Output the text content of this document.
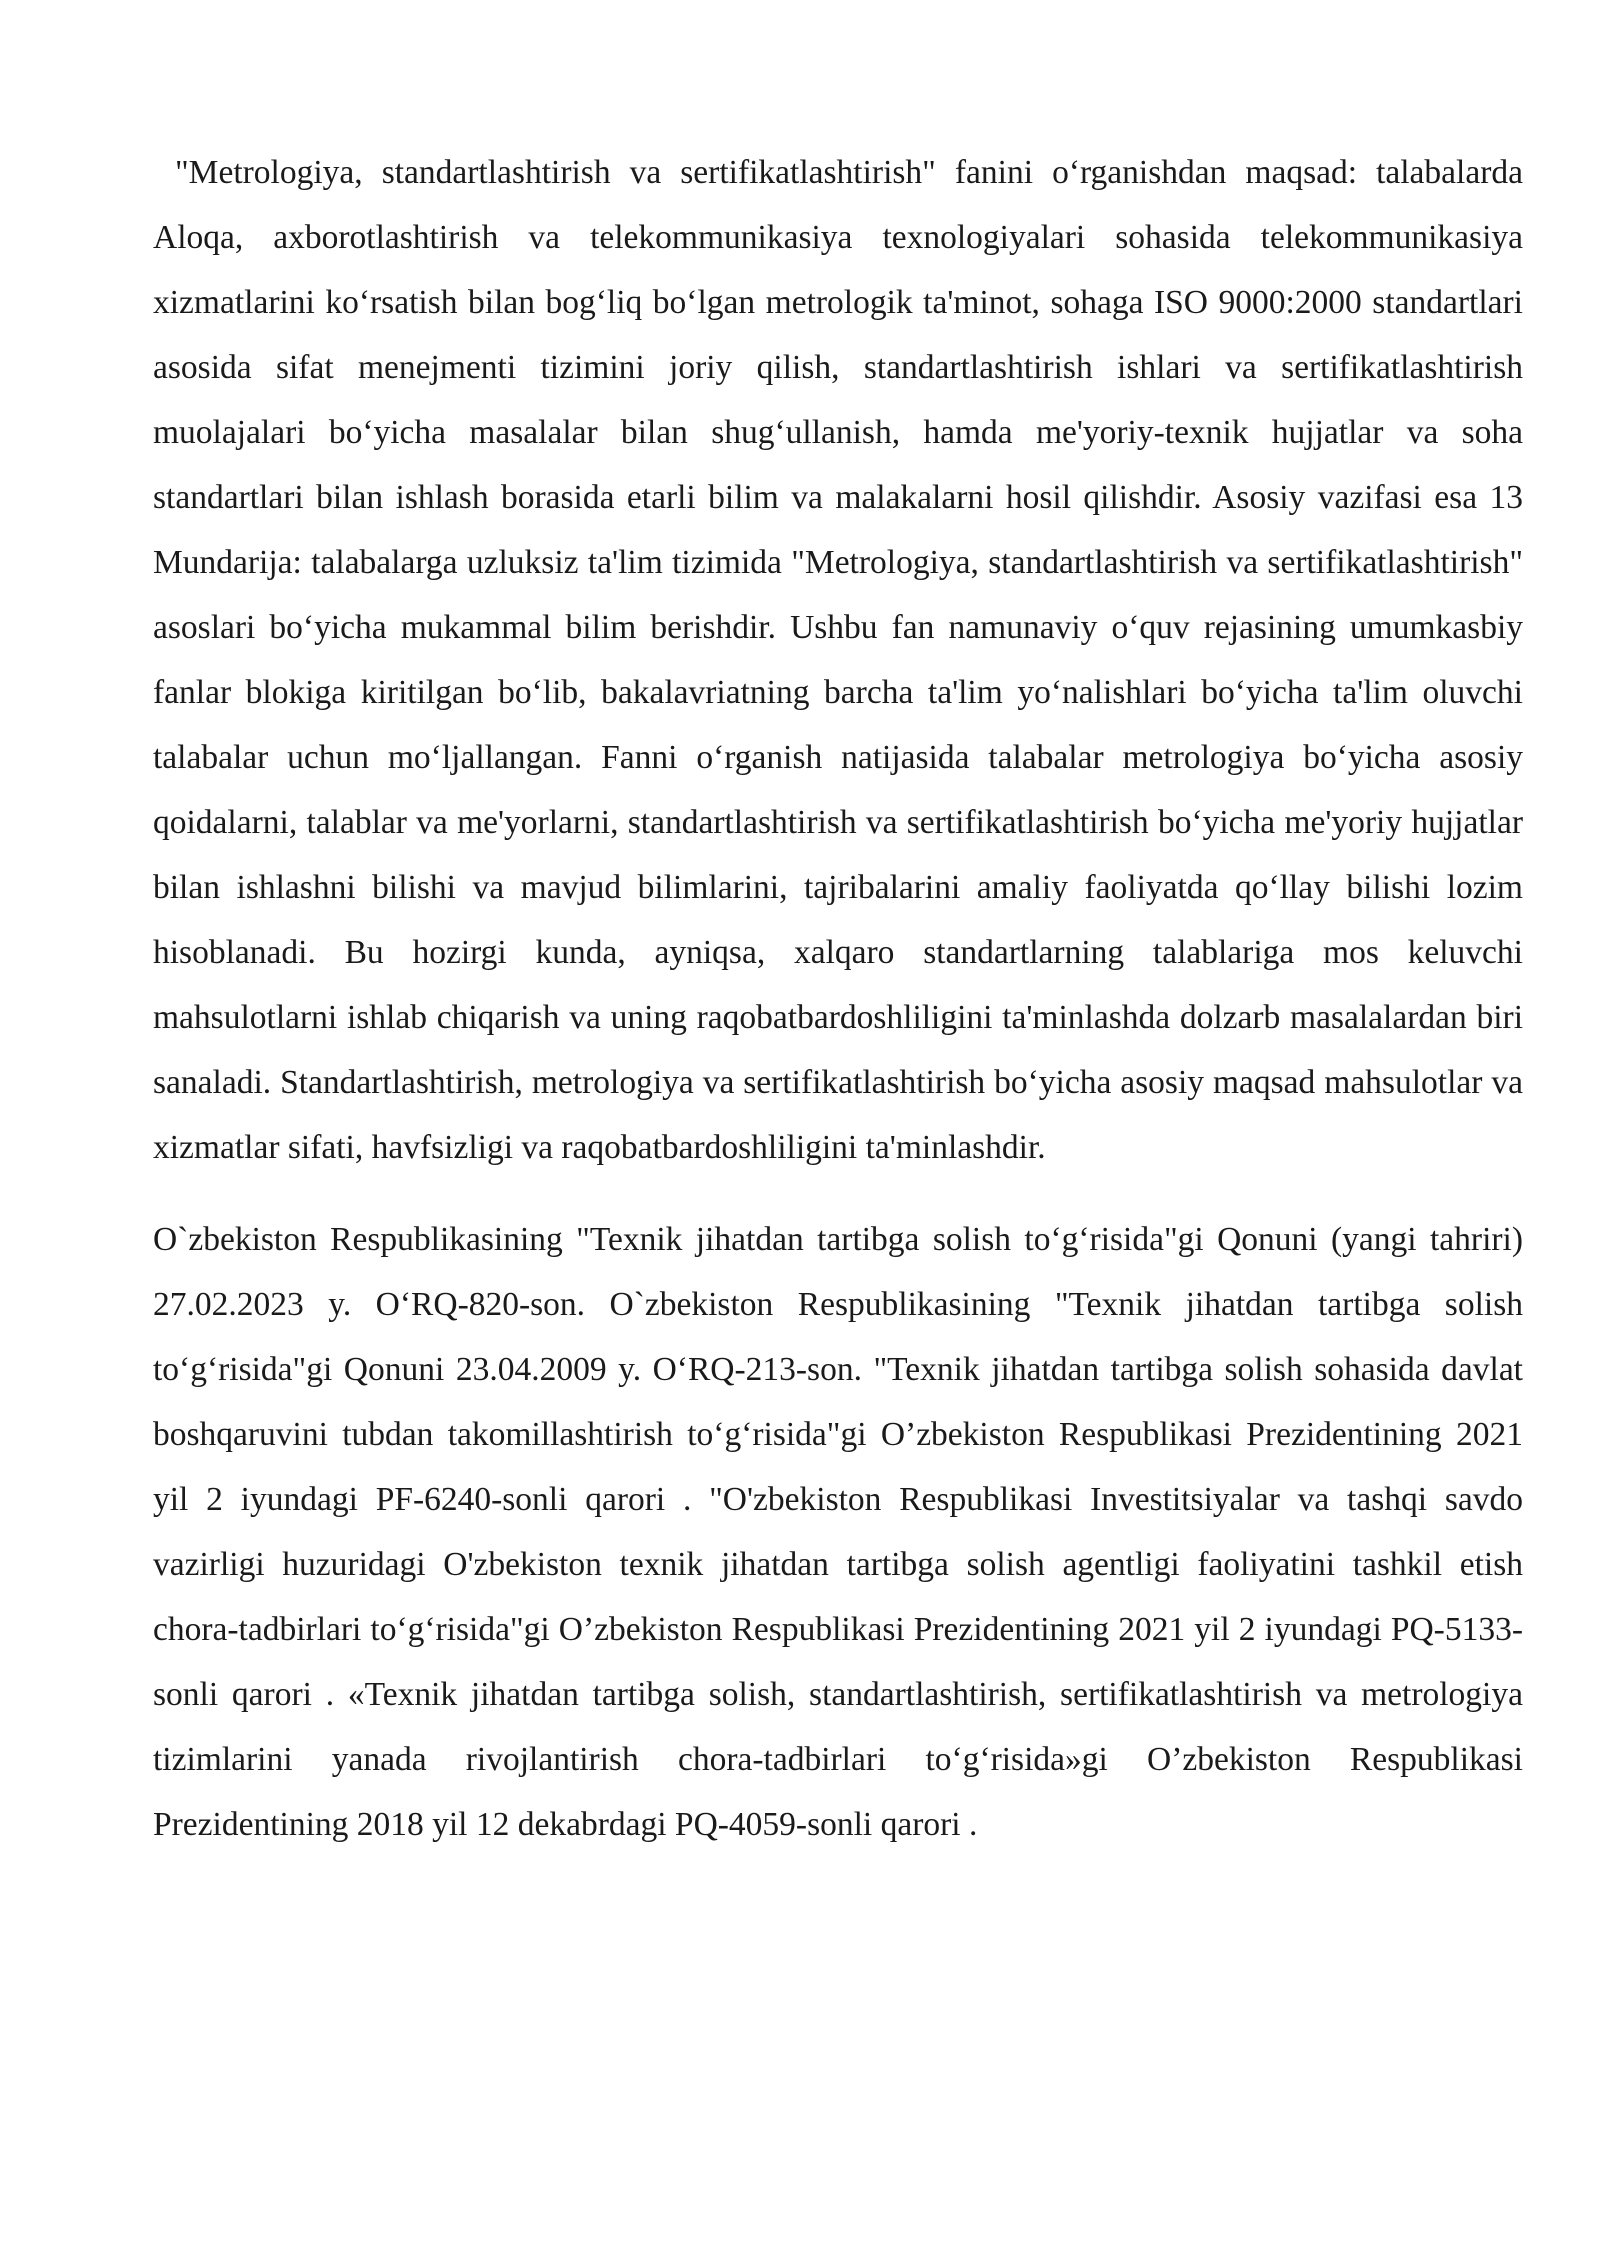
"Metrologiya, standartlashtirish va sertifikatlashtirish" fanini o‘rganishdan maqsad: talabalarda Aloqa, axborotlashtirish va telekommunikasiya texnologiyalari sohasida telekommunikasiya xizmatlarini ko‘rsatish bilan bog‘liq bo‘lgan metrologik ta'minot, sohaga ISO 9000:2000 standartlari asosida sifat menejmenti tizimini joriy qilish, standartlashtirish ishlari va sertifikatlashtirish muolajalari bo‘yicha masalalar bilan shug‘ullanish, hamda me'yoriy-texnik hujjatlar va soha standartlari bilan ishlash borasida etarli bilim va malakalarni hosil qilishdir. Asosiy vazifasi esa 13 Mundarija: talabalarga uzluksiz ta'lim tizimida "Metrologiya, standartlashtirish va sertifikatlashtirish" asoslari bo‘yicha mukammal bilim berishdir. Ushbu fan namunaviy o‘quv rejasining umumkasbiy fanlar blokiga kiritilgan bo‘lib, bakalavriatning barcha ta'lim yo‘nalishlari bo‘yicha ta'lim oluvchi talabalar uchun mo‘ljallangan. Fanni o‘rganish natijasida talabalar metrologiya bo‘yicha asosiy qoidalarni, talablar va me'yorlarni, standartlashtirish va sertifikatlashtirish bo‘yicha me'yoriy hujjatlar bilan ishlashni bilishi va mavjud bilimlarini, tajribalarini amaliy faoliyatda qo‘llay bilishi lozim hisoblanadi. Bu hozirgi kunda, ayniqsa, xalqaro standartlarning talablariga mos keluvchi mahsulotlarni ishlab chiqarish va uning raqobatbardoshliligini ta'minlashda dolzarb masalalardan biri sanaladi. Standartlashtirish, metrologiya va sertifikatlashtirish bo‘yicha asosiy maqsad mahsulotlar va xizmatlar sifati, havfsizligi va raqobatbardoshliligini ta'minlashdir.

O`zbekiston Respublikasining "Texnik jihatdan tartibga solish to‘g‘risida"gi Qonuni (yangi tahriri) 27.02.2023 y. O‘RQ-820-son. O`zbekiston Respublikasining "Texnik jihatdan tartibga solish to‘g‘risida"gi Qonuni 23.04.2009 y. O‘RQ-213-son. "Texnik jihatdan tartibga solish sohasida davlat boshqaruvini tubdan takomillashtirish to‘g‘risida"gi O’zbekiston Respublikasi Prezidentining 2021 yil 2 iyundagi PF-6240-sonli qarori . "O'zbekiston Respublikasi Investitsiyalar va tashqi savdo vazirligi huzuridagi O'zbekiston texnik jihatdan tartibga solish agentligi faoliyatini tashkil etish chora-tadbirlari to‘g‘risida"gi O’zbekiston Respublikasi Prezidentining 2021 yil 2 iyundagi PQ-5133-sonli qarori . «Texnik jihatdan tartibga solish, standartlashtirish, sertifikatlashtirish va metrologiya tizimlarini yanada rivojlantirish chora-tadbirlari to‘g‘risida»gi O’zbekiston Respublikasi Prezidentining 2018 yil 12 dekabrdagi PQ-4059-sonli qarori .
